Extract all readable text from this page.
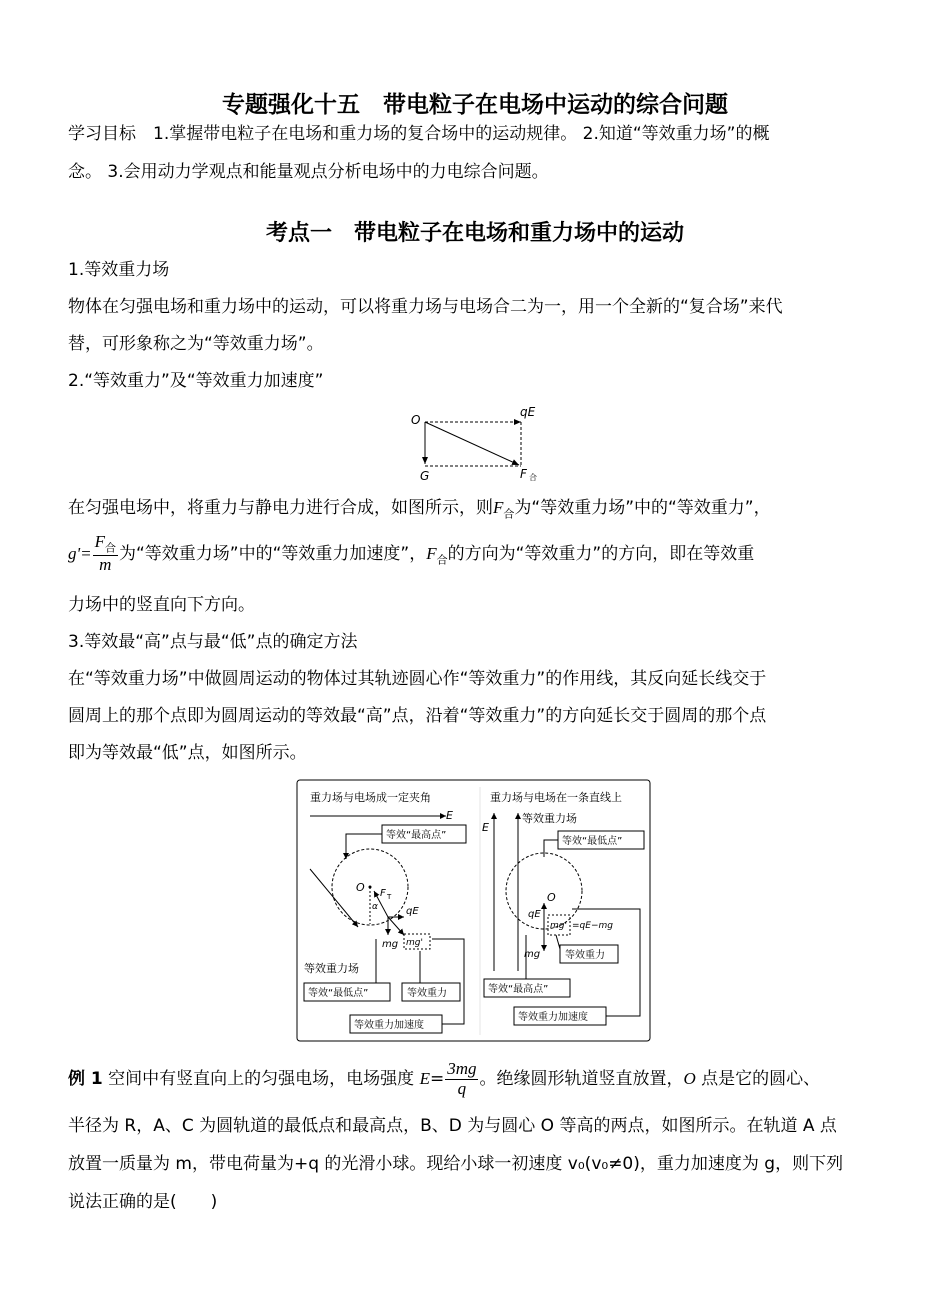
专题强化十五　带电粒子在电场中运动的综合问题
学习目标　 1.掌握带电粒子在电场和重力场的复合场中的运动规律。 2.知道“等效重力场”的概
念。 3.会用动力学观点和能量观点分析电场中的力电综合问题。
考点一　带电粒子在电场和重力场中的运动
1.等效重力场
物体在匀强电场和重力场中的运动，可以将重力场与电场合二为一，用一个全新的“复合场”来代
替，可形象称之为“等效重力场”。
2.“等效重力”及“等效重力加速度”
O
qE
G	F 合
在匀强电场中，将重力与静电力进行合成，如图所示，则$F_合$为“等效重力场”中的“等效重力”，
$g'= \frac{F_合}{m}$ 为“等效重力场”中的“等效重力加速度”，$F_合$的方向为“等效重力”的方向，即在等效重
力场中的竖直向下方向。
3.等效最“高”点与最“低”点的确定方法
在“等效重力场”中做圆周运动的物体过其轨迹圆心作“等效重力”的作用线，其反向延长线交于
圆周上的那个点即为圆周运动的等效最“高”点，沿着“等效重力”的方向延长交于圆周的那个点
即为等效最“低”点，如图所示。
重力场与电场成一定夹角
E
等效“最高点”
O F T
α	qE
mg mg'
等效重力场
等效“最低点”	等效重力
等效重力加速度
重力场与电场在一条直线上
E
等效重力场
等效“最低点”
O
qE
mg
mg' =qE−mg
等效重力
等效“最高点”
等效重力加速度
例 1 空间中有竖直向上的匀强电场，电场强度 $E= \frac{3mg}{q}$ 。绝缘圆形轨道竖直放置，O 点是它的圆心、
半径为 R，A、C 为圆轨道的最低点和最高点，B、D 为与圆心 O 等高的两点，如图所示。在轨道 A 点
放置一质量为 m，带电荷量为+q 的光滑小球。现给小球一初速度 v₀(v₀≠0)，重力加速度为 g，则下列
说法正确的是(　　)
